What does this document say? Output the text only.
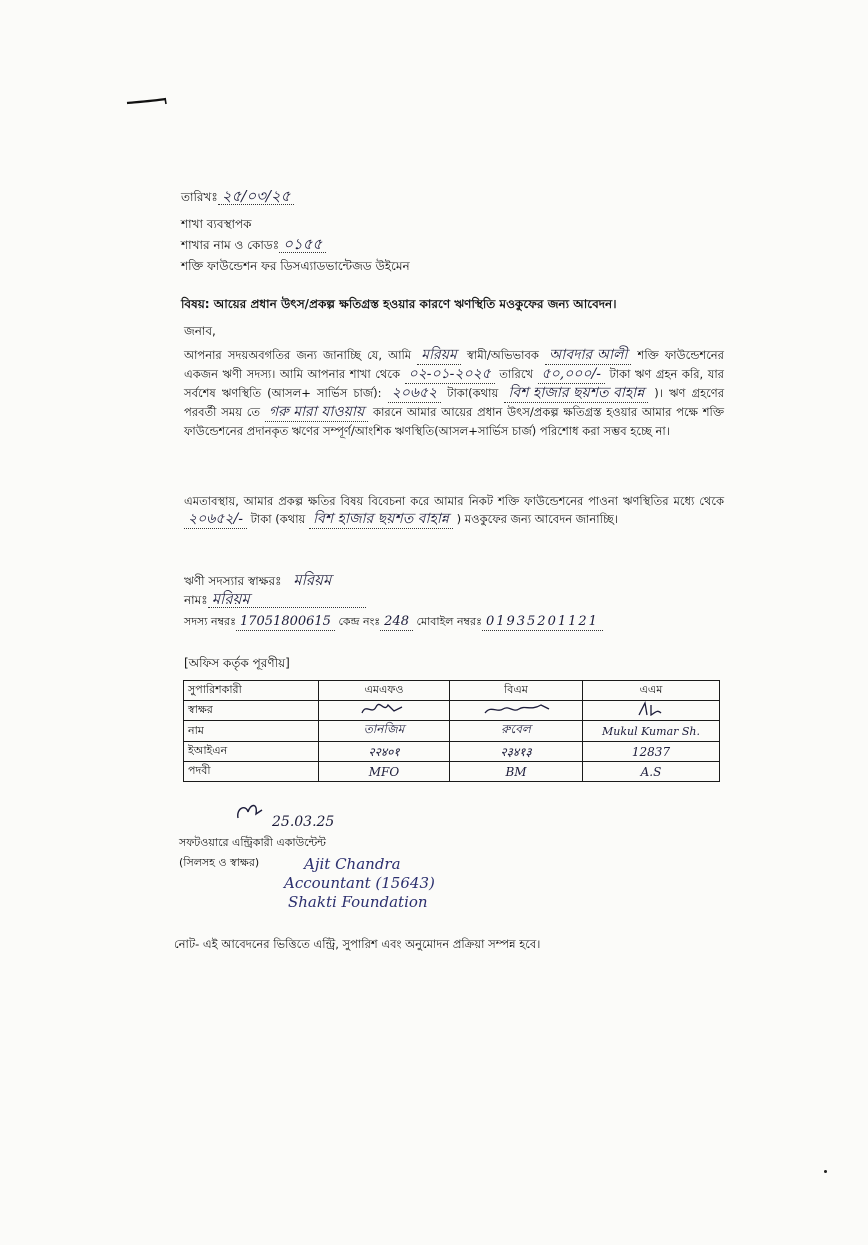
তারিখঃ ২৫/০৩/২৫
শাখা ব্যবস্থাপক
শাখার নাম ও কোডঃ ০১৫৫
শক্তি ফাউন্ডেশন ফর ডিসএ্যাডভান্টেজড উইমেন
বিষয়: আয়ের প্রধান উৎস/প্রকল্প ক্ষতিগ্রস্ত হওয়ার কারণে ঋণস্থিতি মওকুফের জন্য আবেদন।
জনাব,
আপনার সদয়অবগতির জন্য জানাচ্ছি যে, আমি মরিয়ম স্বামী/অভিভাবক আবদার আলী শক্তি ফাউন্ডেশনের একজন ঋণী সদস্য। আমি আপনার শাখা থেকে ০২-০১-২০২৫ তারিখে ৫০,০০০/- টাকা ঋণ গ্রহন করি, যার সর্বশেষ ঋণস্থিতি (আসল+ সার্ভিস চার্জ): ২০৬৫২ টাকা(কথায় বিশ হাজার ছয়শত বাহান্ন )। ঋণ গ্রহণের পরবর্তী সময় তে গরু মারা যাওয়ায় কারনে আমার আয়ের প্রধান উৎস/প্রকল্প ক্ষতিগ্রস্ত হওয়ার আমার পক্ষে শক্তি ফাউন্ডেশনের প্রদানকৃত ঋণের সম্পূর্ণ/আংশিক ঋণস্থিতি(আসল+সার্ভিস চার্জ) পরিশোধ করা সম্ভব হচ্ছে না।
এমতাবস্থায়, আমার প্রকল্প ক্ষতির বিষয় বিবেচনা করে আমার নিকট শক্তি ফাউন্ডেশনের পাওনা ঋণস্থিতির মধ্যে থেকে ২০৬৫২/- টাকা (কথায় বিশ হাজার ছয়শত বাহান্ন ) মওকুফের জন্য আবেদন জানাচ্ছি।
ঋণী সদস্যার স্বাক্ষরঃ মরিয়ম
নামঃ মরিয়ম
সদস্য নম্বরঃ 17051800615 কেন্দ্র নংঃ 248 মোবাইল নম্বরঃ 01935201121
[অফিস কর্তৃক পূরণীয়]
সুপারিশকারী	এমএফও	বিএম	এএম
স্বাক্ষর			
নাম	তানজিম	রুবেল	Mukul Kumar Sh.
ইআইএন	२२४०१	२३४१३	12837
পদবী	MFO	BM	A.S
25.03.25
সফটওয়ারে এন্ট্রিকারী একাউন্টেন্ট
(সিলসহ ও স্বাক্ষর)	Ajit Chandra
Accountant (15643)
Shakti Foundation
নোট- এই আবেদনের ভিত্তিতে এন্ট্রি, সুপারিশ এবং অনুমোদন প্রক্রিয়া সম্পন্ন হবে।
